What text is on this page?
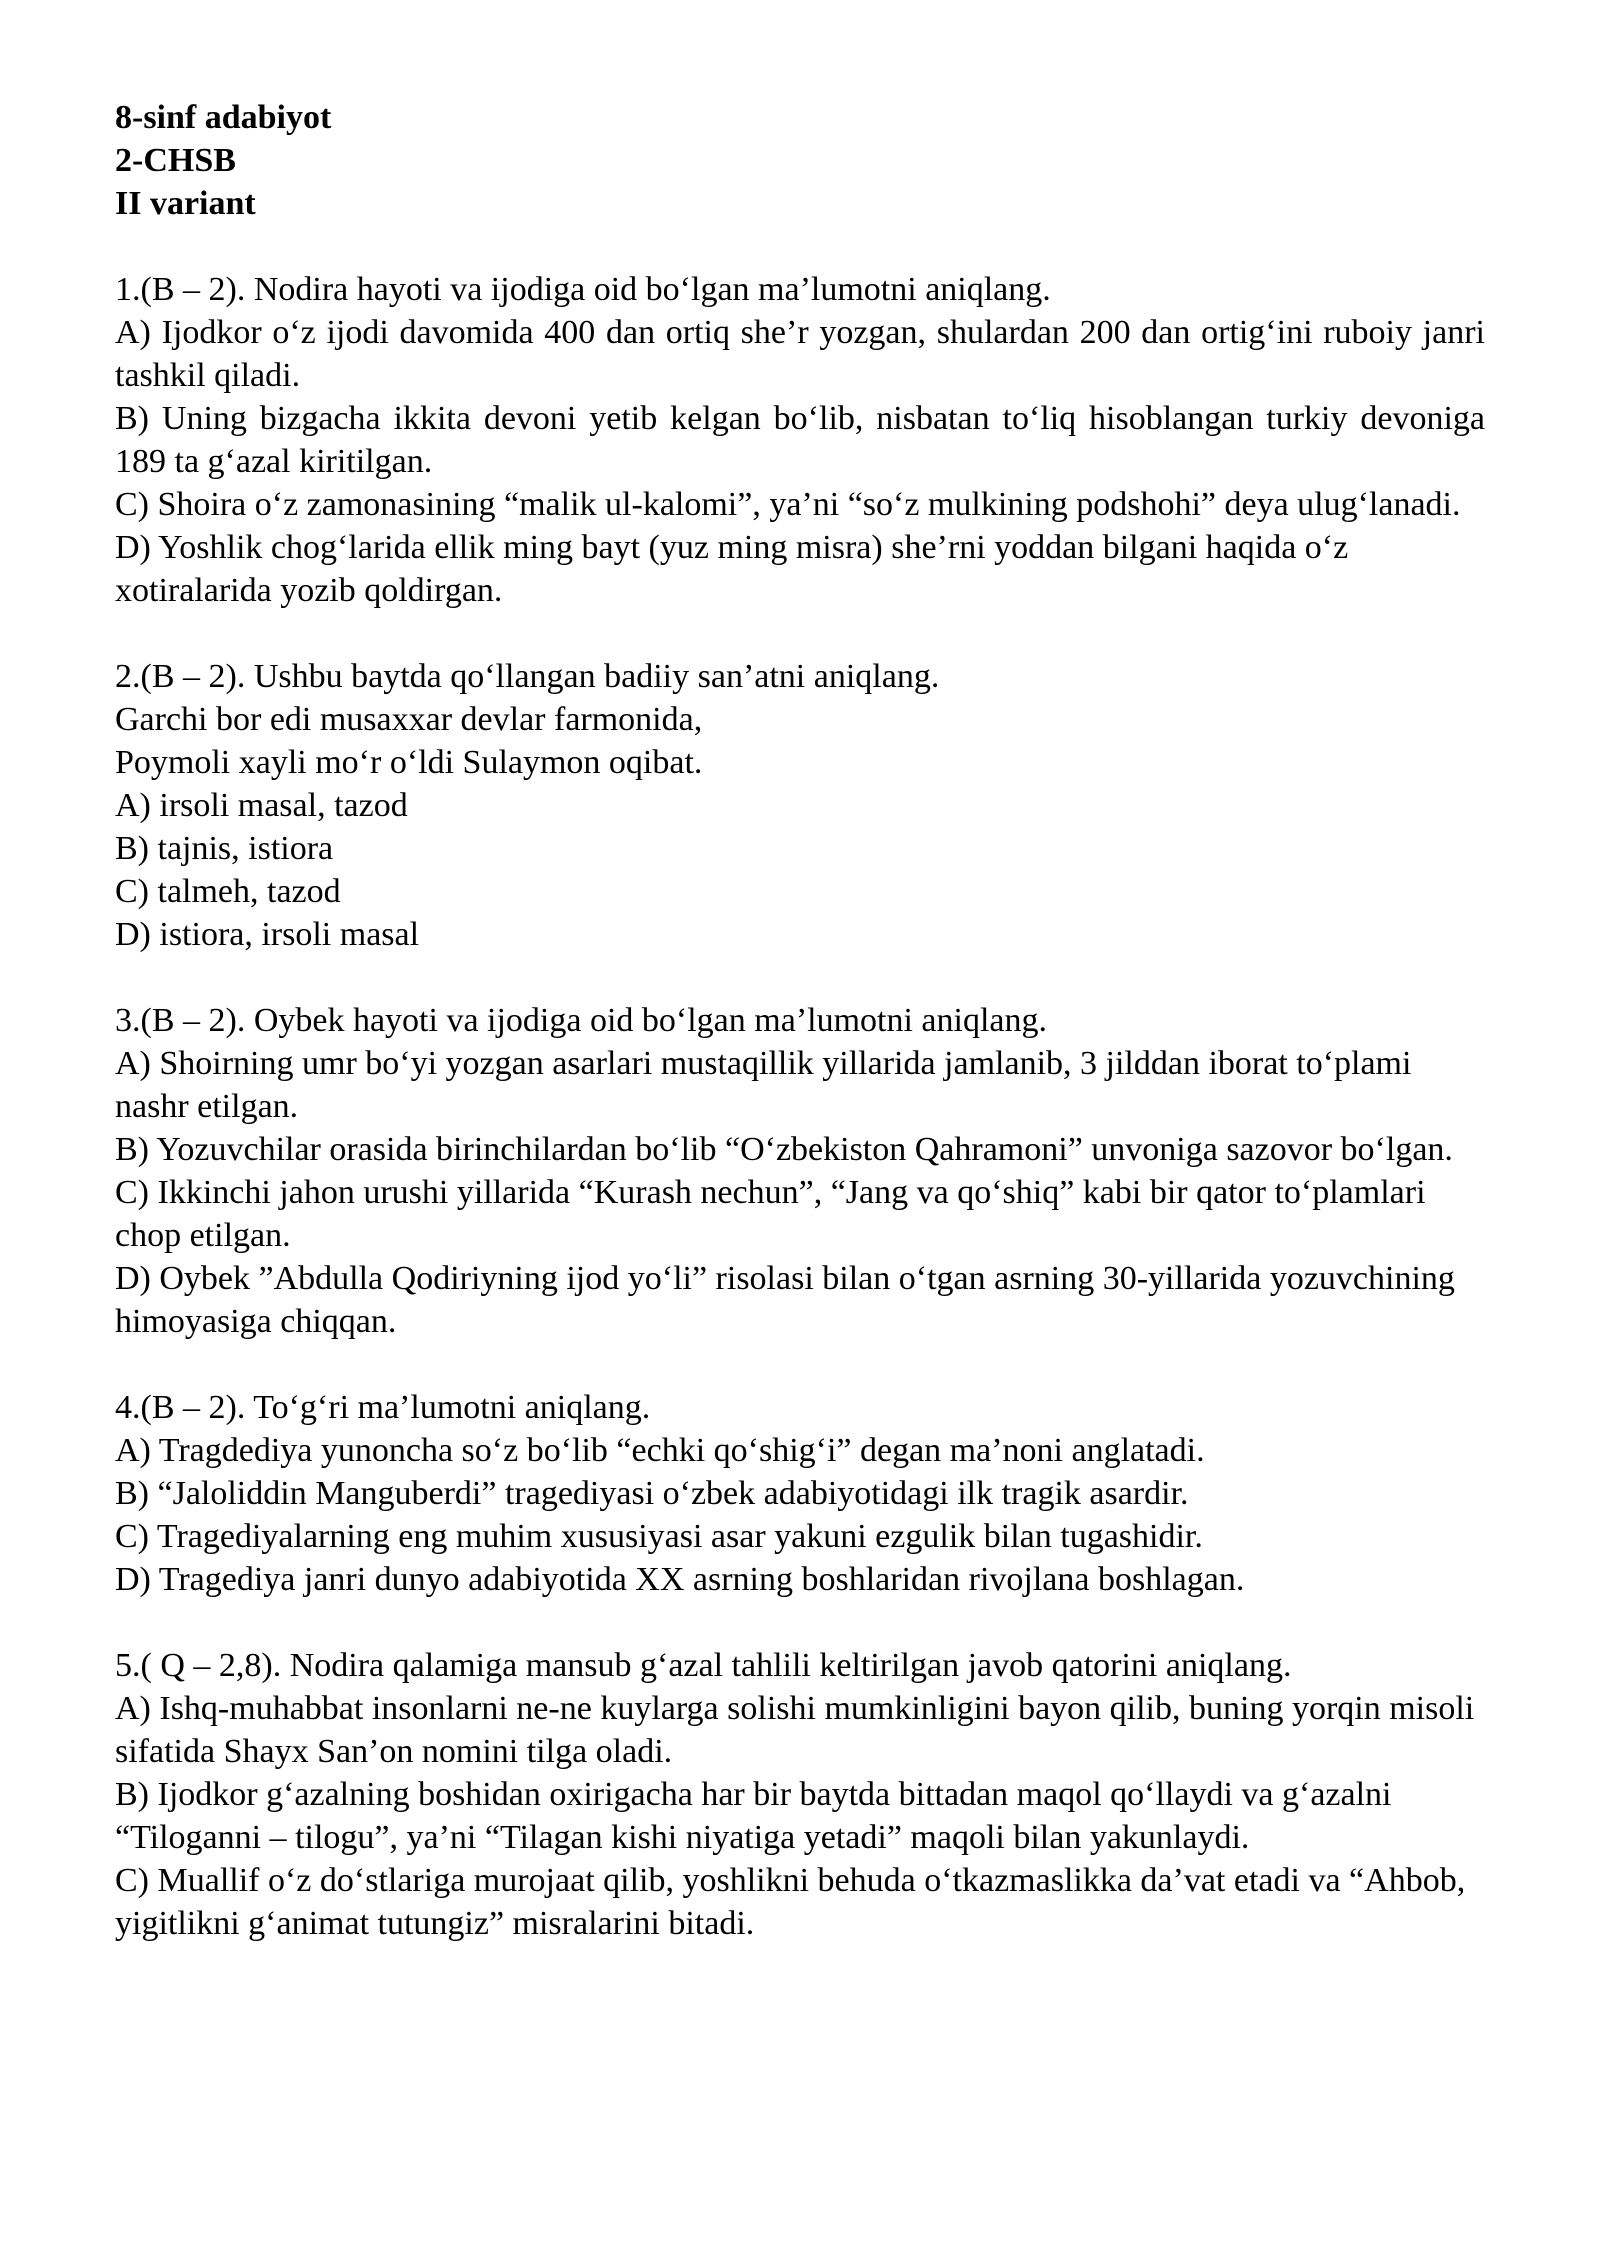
8-sinf adabiyot

2-CHSB

II variant

1.(B – 2). Nodira hayoti va ijodiga oid bo‘lgan ma’lumotni aniqlang.

A) Ijodkor o‘z ijodi davomida 400 dan ortiq she’r yozgan, shulardan 200 dan ortig‘ini ruboiy janri tashkil qiladi.

B) Uning bizgacha ikkita devoni yetib kelgan bo‘lib, nisbatan to‘liq hisoblangan turkiy devoniga 189 ta g‘azal kiritilgan.

C) Shoira o‘z zamonasining “malik ul-kalomi”, ya’ni “so‘z mulkining podshohi” deya ulug‘lanadi.

D) Yoshlik chog‘larida ellik ming bayt (yuz ming misra) she’rni yoddan bilgani haqida o‘z xotiralarida yozib qoldirgan.

2.(B – 2). Ushbu baytda qo‘llangan badiiy san’atni aniqlang.

Garchi bor edi musaxxar devlar farmonida,

Poymoli xayli mo‘r o‘ldi Sulaymon oqibat.

A) irsoli masal, tazod

B) tajnis, istiora

C) talmeh, tazod

D) istiora, irsoli masal

3.(B – 2). Oybek hayoti va ijodiga oid bo‘lgan ma’lumotni aniqlang.

A) Shoirning umr bo‘yi yozgan asarlari mustaqillik yillarida jamlanib, 3 jilddan iborat to‘plami nashr etilgan.

B) Yozuvchilar orasida birinchilardan bo‘lib “O‘zbekiston Qahramoni” unvoniga sazovor bo‘lgan.

C) Ikkinchi jahon urushi yillarida “Kurash nechun”, “Jang va qo‘shiq” kabi bir qator to‘plamlari chop etilgan.

D) Oybek ”Abdulla Qodiriyning ijod yo‘li” risolasi bilan o‘tgan asrning 30-yillarida yozuvchining himoyasiga chiqqan.

4.(B – 2). To‘g‘ri ma’lumotni aniqlang.

A) Tragdediya yunoncha so‘z bo‘lib “echki qo‘shig‘i” degan ma’noni anglatadi.

B) “Jaloliddin Manguberdi” tragediyasi o‘zbek adabiyotidagi ilk tragik asardir.

C) Tragediyalarning eng muhim xususiyasi asar yakuni ezgulik bilan tugashidir.

D) Tragediya janri dunyo adabiyotida XX asrning boshlaridan rivojlana boshlagan.

5.( Q – 2,8). Nodira qalamiga mansub g‘azal tahlili keltirilgan javob qatorini aniqlang.

A) Ishq-muhabbat insonlarni ne-ne kuylarga solishi mumkinligini bayon qilib, buning yorqin misoli sifatida Shayx San’on nomini tilga oladi.

B) Ijodkor g‘azalning boshidan oxirigacha har bir baytda bittadan maqol qo‘llaydi va g‘azalni “Tiloganni – tilogu”, ya’ni “Tilagan kishi niyatiga yetadi” maqoli bilan yakunlaydi.

C) Muallif o‘z do‘stlariga murojaat qilib, yoshlikni behuda o‘tkazmaslikka da’vat etadi va “Ahbob, yigitlikni g‘animat tutungiz” misralarini bitadi.
